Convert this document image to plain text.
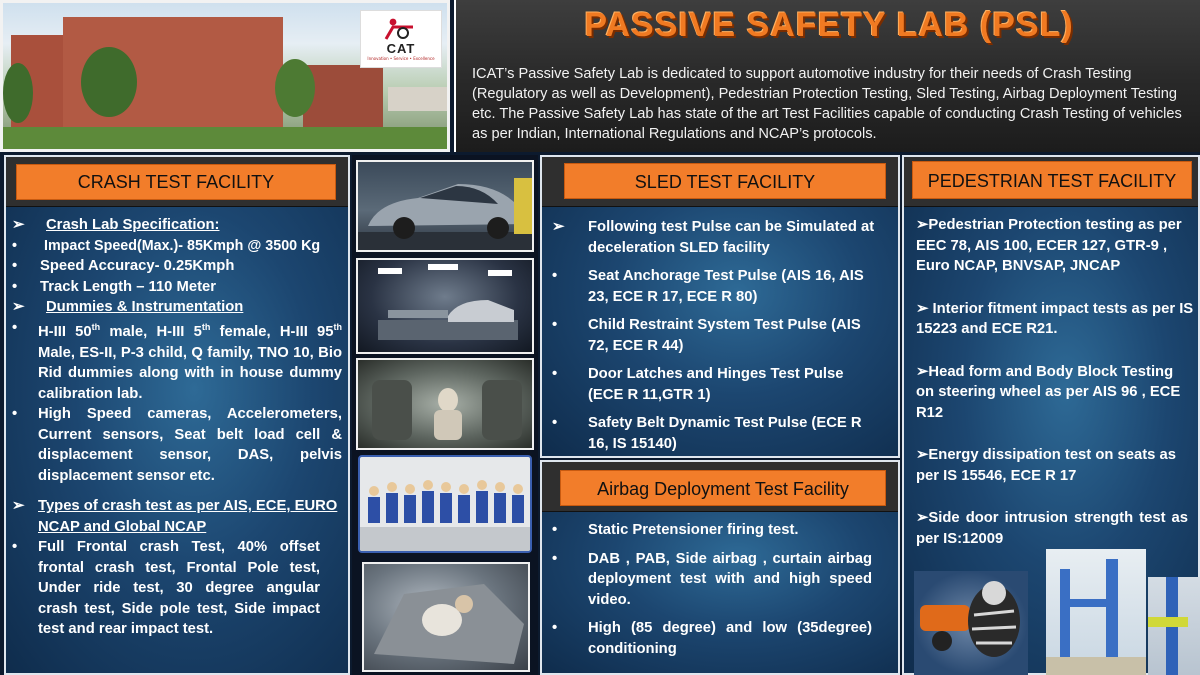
CAT
Innovation • Service • Excellence
PASSIVE SAFETY LAB (PSL)
ICAT’s Passive Safety Lab is dedicated to support automotive industry for their needs of Crash Testing (Regulatory as well as Development), Pedestrian Protection Testing, Sled Testing, Airbag Deployment Testing etc. The Passive Safety Lab has state of the art Test Facilities capable of conducting Crash Testing of vehicles as per Indian, International Regulations and NCAP’s protocols.
CRASH TEST FACILITY
➢ Crash Lab Specification:
• Impact Speed(Max.)- 85Kmph @ 3500 Kg
• Speed Accuracy- 0.25Kmph
• Track Length – 110 Meter
➢ Dummies & Instrumentation
• H-III 50th male, H-III 5th female, H-III 95th Male, ES-II, P-3 child, Q family, TNO 10, Bio Rid dummies along with in house dummy calibration lab.
• High Speed cameras, Accelerometers, Current sensors, Seat belt load cell & displacement sensor, DAS, pelvis displacement sensor etc.
➢ Types of crash test as per AIS, ECE, EURO NCAP and Global NCAP
• Full Frontal crash Test, 40% offset frontal crash test, Frontal Pole test, Under ride test, 30 degree angular crash test, Side pole test, Side impact test and rear impact test.
SLED TEST FACILITY
➢ Following test Pulse can be Simulated at deceleration SLED facility
• Seat Anchorage Test Pulse (AIS 16, AIS 23, ECE R 17, ECE R 80)
• Child Restraint System Test Pulse (AIS 72, ECE R 44)
• Door Latches and Hinges Test Pulse (ECE R 11,GTR 1)
• Safety Belt Dynamic Test Pulse (ECE R 16, IS 15140)
Airbag Deployment Test Facility
• Static Pretensioner firing test.
• DAB , PAB, Side airbag , curtain airbag deployment test with and high speed video.
• High (85 degree) and low (35degree) conditioning
PEDESTRIAN TEST FACILITY
➢Pedestrian Protection testing as per EEC 78, AIS 100, ECER 127, GTR-9 , Euro NCAP, BNVSAP, JNCAP
➢ Interior fitment impact tests as per IS 15223 and ECE R21.
➢Head form and Body Block Testing on steering wheel as per AIS 96 , ECE R12
➢Energy dissipation test on seats as per IS 15546, ECE R 17
➢Side door intrusion strength test as per IS:12009
